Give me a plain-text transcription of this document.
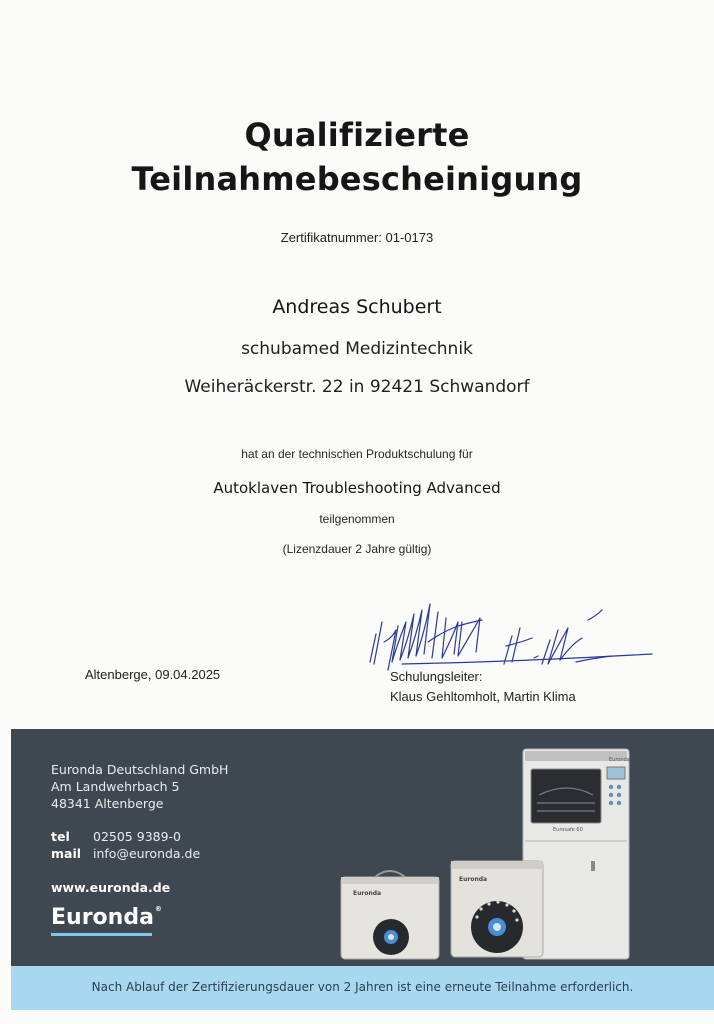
Qualifizierte
Teilnahmebescheinigung
Zertifikatnummer: 01-0173
Andreas Schubert
schubamed Medizintechnik
Weiheräckerstr. 22 in 92421 Schwandorf
hat an der technischen Produktschulung für
Autoklaven Troubleshooting Advanced
teilgenommen
(Lizenzdauer 2 Jahre gültig)
Altenberge, 09.04.2025	Schulungsleiter:
Klaus Gehltomholt, Martin Klima
Euronda Deutschland GmbH
Am Landwehrbach 5
48341 Altenberge
tel 02505 9389-0
mail info@euronda.de
www.euronda.de
Euronda®
Euronda
Eurosafe 60
Euronda
Euronda
Nach Ablauf der Zertifizierungsdauer von 2 Jahren ist eine erneute Teilnahme erforderlich.
